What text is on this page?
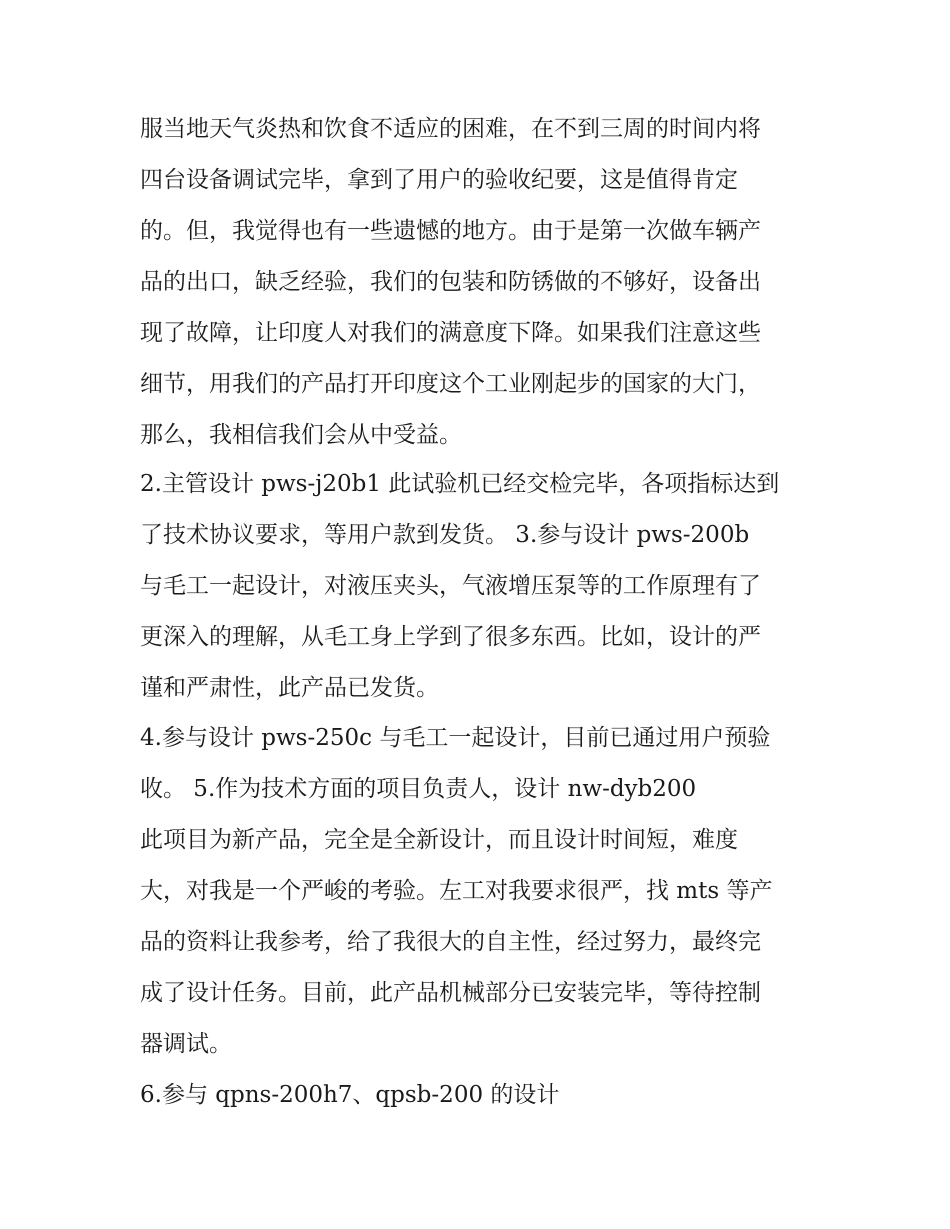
服当地天气炎热和饮食不适应的困难，在不到三周的时间内将
四台设备调试完毕，拿到了用户的验收纪要，这是值得肯定
的。但，我觉得也有一些遗憾的地方。由于是第一次做车辆产
品的出口，缺乏经验，我们的包装和防锈做的不够好，设备出
现了故障，让印度人对我们的满意度下降。如果我们注意这些
细节，用我们的产品打开印度这个工业刚起步的国家的大门，
那么，我相信我们会从中受益。
2.主管设计 pws-j20b1 此试验机已经交检完毕，各项指标达到
了技术协议要求，等用户款到发货。 3.参与设计 pws-200b
与毛工一起设计，对液压夹头，气液增压泵等的工作原理有了
更深入的理解，从毛工身上学到了很多东西。比如，设计的严
谨和严肃性，此产品已发货。
4.参与设计 pws-250c 与毛工一起设计，目前已通过用户预验
收。 5.作为技术方面的项目负责人，设计 nw-dyb200
此项目为新产品，完全是全新设计，而且设计时间短，难度
大，对我是一个严峻的考验。左工对我要求很严，找 mts 等产
品的资料让我参考，给了我很大的自主性，经过努力，最终完
成了设计任务。目前，此产品机械部分已安装完毕，等待控制
器调试。
6.参与 qpns-200h7、qpsb-200 的设计
